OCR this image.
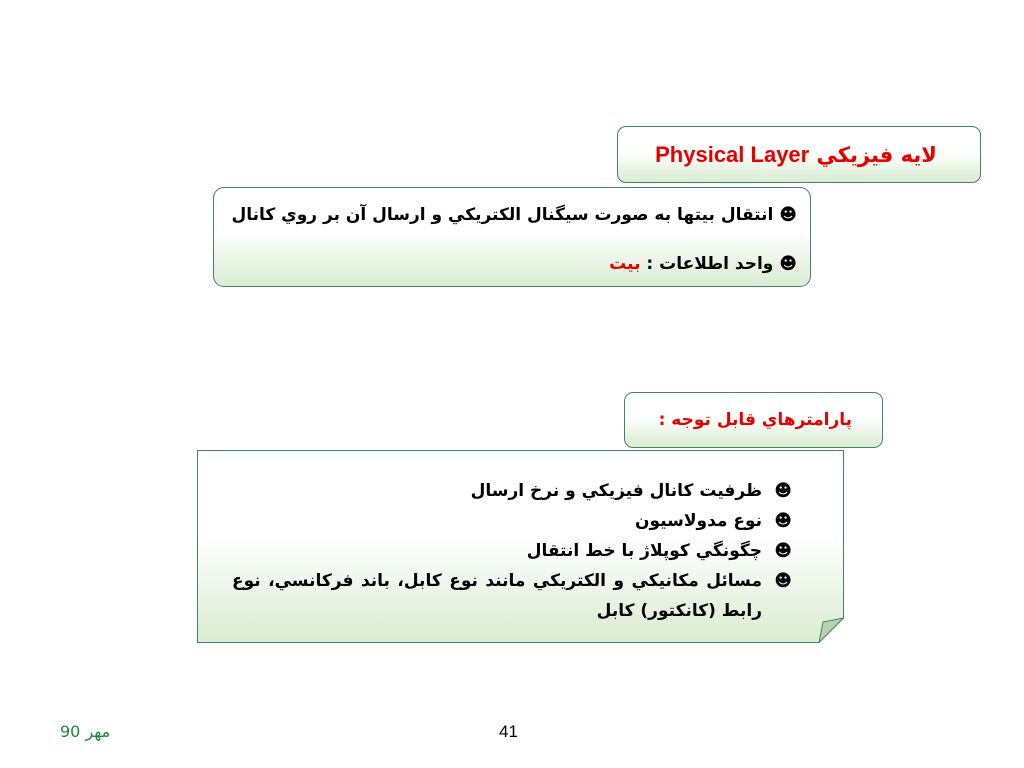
لايه فيزيكي Physical Layer
☻ انتقال بيتها به صورت سيگنال الكتريكي و ارسال آن بر روي كانال
☻ واحد اطلاعات : بيت
پارامترهاي قابل توجه :
☻
ظرفيت كانال فيزيكي و نرخ ارسال
☻
نوع مدولاسيون
☻
چگونگي كوپلاژ با خط انتقال
☻
مسائل مكانيكي و الكتريكي مانند نوع كابل، باند فركانسي، نوع رابط (كانكتور) كابل
مهر 90	41
